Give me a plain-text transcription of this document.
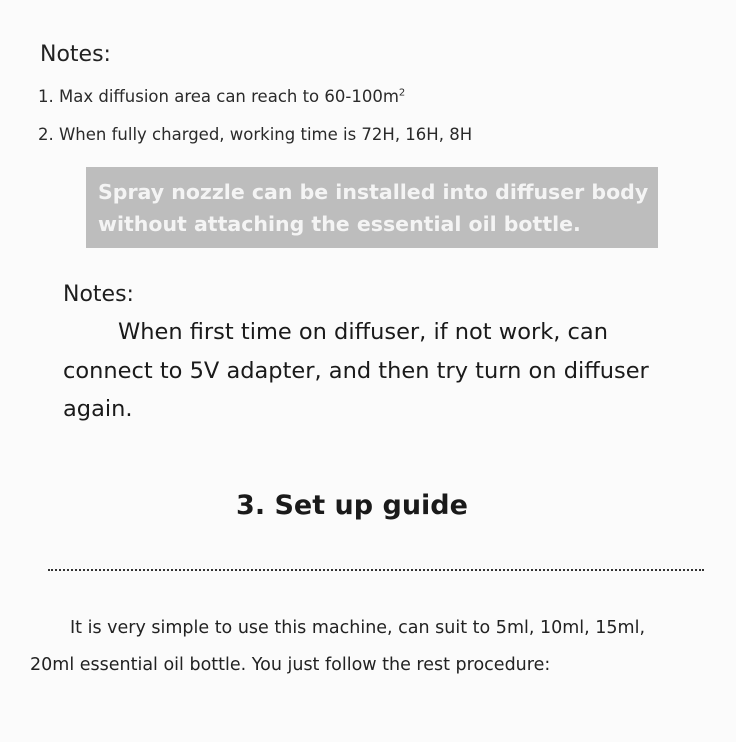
Notes:
1. Max diffusion area can reach to $60-100m^2$
2. When fully charged, working time is 72H, 16H, 8H
Spray nozzle can be installed into diffuser body
without attaching the essential oil bottle.
Notes:
When first time on diffuser, if not work, can
connect to 5V adapter, and then try turn on diffuser
again.
3. Set up guide
It is very simple to use this machine, can suit to 5ml, 10ml, 15ml,
20ml essential oil bottle. You just follow the rest procedure:
